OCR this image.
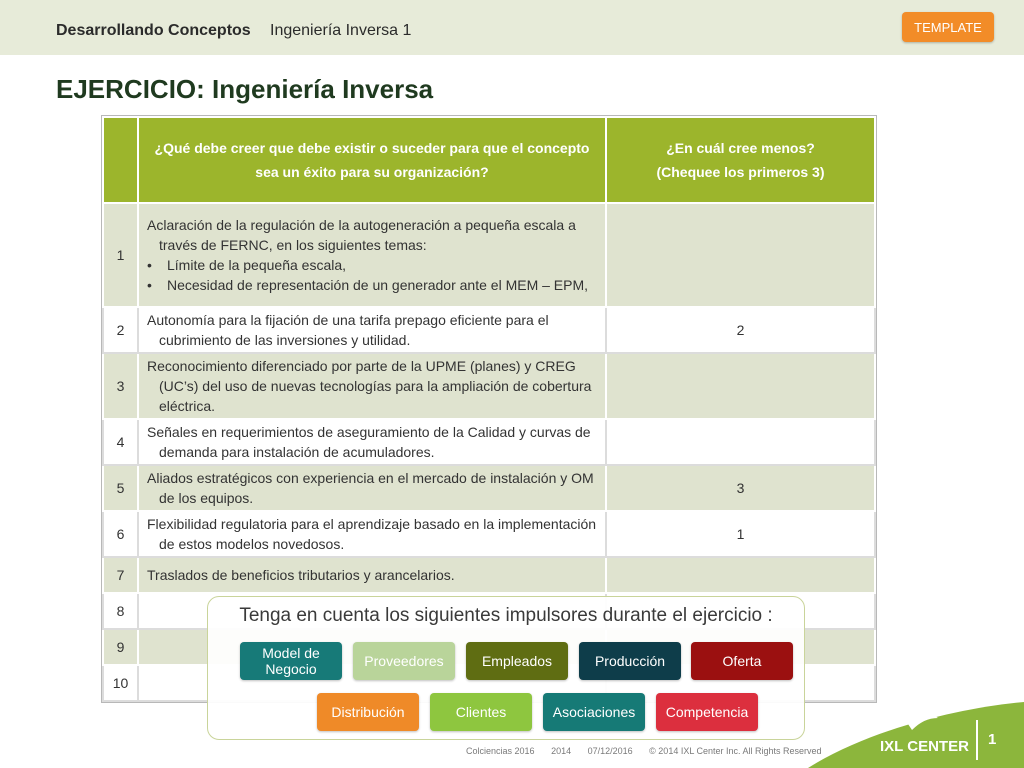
Desarrollando Conceptos Ingeniería Inversa 1	TEMPLATE
EJERCICIO: Ingeniería Inversa
	¿Qué debe creer que debe existir o suceder para que el concepto sea un éxito para su organización?	¿En cuál cree menos?
(Chequee los primeros 3)

1	Aclaración de la regulación de la autogeneración a pequeña escala a través de FERNC, en los siguientes temas:
• Límite de la pequeña escala,
• Necesidad de representación de un generador ante el MEM – EPM,	

2	Autonomía para la fijación de una tarifa prepago eficiente para el cubrimiento de las inversiones y utilidad.	2
3	Reconocimiento diferenciado por parte de la UPME (planes) y CREG (UC’s) del uso de nuevas tecnologías para la ampliación de cobertura eléctrica.	

4	Señales en requerimientos de aseguramiento de la Calidad y curvas de demanda para instalación de acumuladores.	

5	Aliados estratégicos con experiencia en el mercado de instalación y OM de los equipos.	3
6	Flexibilidad regulatoria para el aprendizaje basado en la implementación de estos modelos novedosos.	1
7	Traslados de beneficios tributarios y arancelarios.	

8		
9		
10		
Tenga en cuenta los siguientes impulsores durante el ejercicio :
Model de Negocio	Proveedores	Empleados	Producción	Oferta
Distribución	Clientes	Asociaciones	Competencia
Colciencias 2016 2014 07/12/2016 © 2014 IXL Center Inc. All Rights Reserved	IXL CENTER 1
